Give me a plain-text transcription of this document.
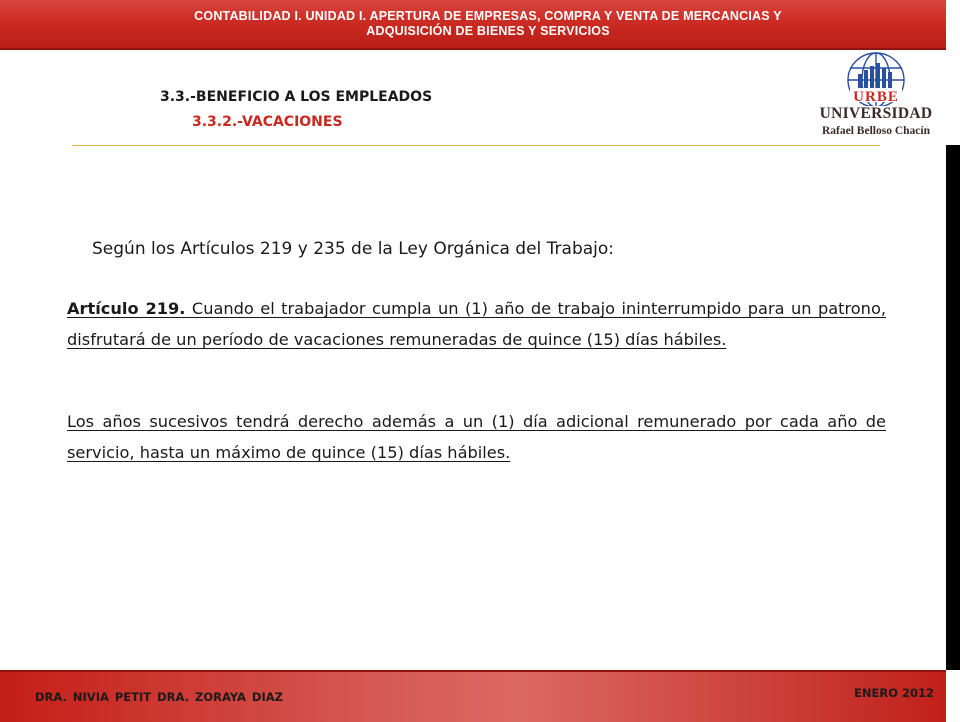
CONTABILIDAD I. UNIDAD I. APERTURA DE EMPRESAS, COMPRA Y VENTA DE MERCANCIAS Y
ADQUISICIÓN DE BIENES Y SERVICIOS
3.3.-BENEFICIO A LOS EMPLEADOS
3.3.2.-VACACIONES
URBE
UNIVERSIDAD
Rafael Belloso Chacín
Según los Artículos 219 y 235 de la Ley Orgánica del Trabajo:
Artículo 219. Cuando el trabajador cumpla un (1) año de trabajo ininterrumpido para un patrono, disfrutará de un período de vacaciones remuneradas de quince (15) días hábiles.
Los años sucesivos tendrá derecho además a un (1) día adicional remunerado por cada año de servicio, hasta un máximo de quince (15) días hábiles.
DRA. NIVIA PETIT DRA. ZORAYA DIAZ	ENERO 2012
